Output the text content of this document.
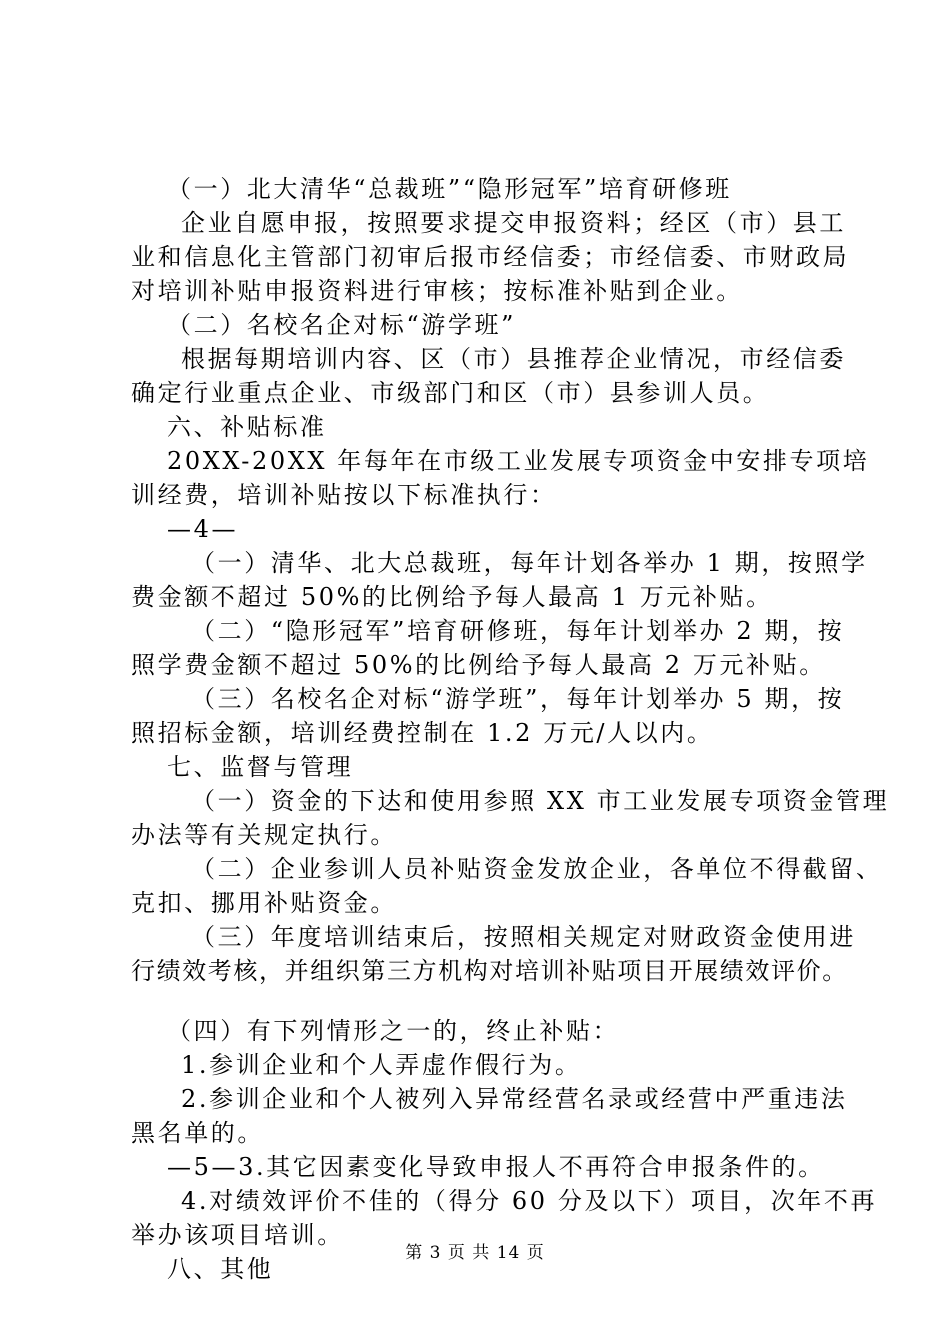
（一）北大清华“总裁班”“隐形冠军”培育研修班
企业自愿申报，按照要求提交申报资料；经区（市）县工
业和信息化主管部门初审后报市经信委；市经信委、市财政局
对培训补贴申报资料进行审核；按标准补贴到企业。
（二）名校名企对标“游学班”
根据每期培训内容、区（市）县推荐企业情况，市经信委
确定行业重点企业、市级部门和区（市）县参训人员。
六、补贴标准
20XX-20XX 年每年在市级工业发展专项资金中安排专项培
训经费，培训补贴按以下标准执行：
—4—
（一）清华、北大总裁班，每年计划各举办 1 期，按照学
费金额不超过 50%的比例给予每人最高 1 万元补贴。
（二）“隐形冠军”培育研修班，每年计划举办 2 期，按
照学费金额不超过 50%的比例给予每人最高 2 万元补贴。
（三）名校名企对标“游学班”，每年计划举办 5 期，按
照招标金额，培训经费控制在 1.2 万元/人以内。
七、监督与管理
（一）资金的下达和使用参照 XX 市工业发展专项资金管理
办法等有关规定执行。
（二）企业参训人员补贴资金发放企业，各单位不得截留、
克扣、挪用补贴资金。
（三）年度培训结束后，按照相关规定对财政资金使用进
行绩效考核，并组织第三方机构对培训补贴项目开展绩效评价。
（四）有下列情形之一的，终止补贴：
1.参训企业和个人弄虚作假行为。
2.参训企业和个人被列入异常经营名录或经营中严重违法
黑名单的。
—5—3.其它因素变化导致申报人不再符合申报条件的。
4.对绩效评价不佳的（得分 60 分及以下）项目，次年不再
举办该项目培训。
八、其他
第 3 页 共 14 页
